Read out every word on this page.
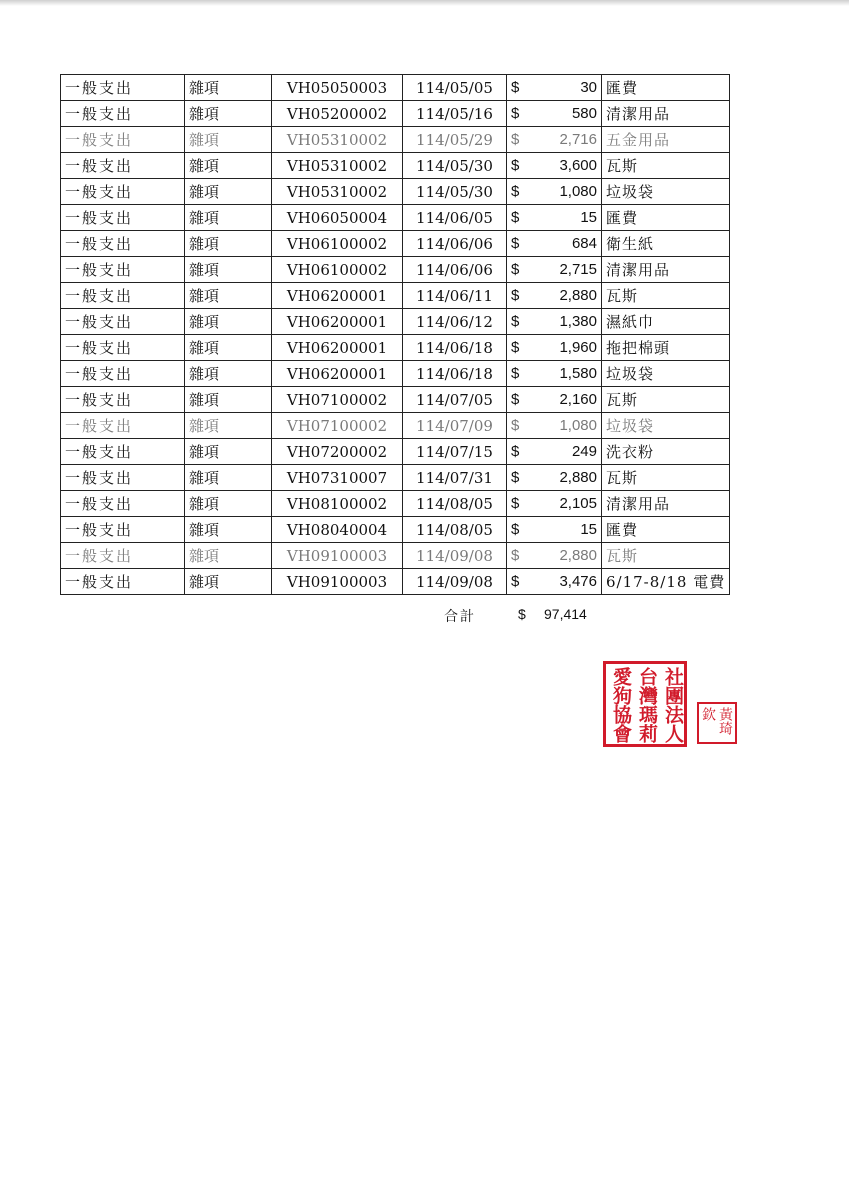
一般支出	雜項	VH05050003	114/05/05	$ 30	匯費
一般支出	雜項	VH05200002	114/05/16	$ 580	清潔用品
一般支出	雜項	VH05310002	114/05/29	$ 2,716	五金用品
一般支出	雜項	VH05310002	114/05/30	$ 3,600	瓦斯
一般支出	雜項	VH05310002	114/05/30	$ 1,080	垃圾袋
一般支出	雜項	VH06050004	114/06/05	$ 15	匯費
一般支出	雜項	VH06100002	114/06/06	$ 684	衛生紙
一般支出	雜項	VH06100002	114/06/06	$ 2,715	清潔用品
一般支出	雜項	VH06200001	114/06/11	$ 2,880	瓦斯
一般支出	雜項	VH06200001	114/06/12	$ 1,380	濕紙巾
一般支出	雜項	VH06200001	114/06/18	$ 1,960	拖把棉頭
一般支出	雜項	VH06200001	114/06/18	$ 1,580	垃圾袋
一般支出	雜項	VH07100002	114/07/05	$ 2,160	瓦斯
一般支出	雜項	VH07100002	114/07/09	$ 1,080	垃圾袋
一般支出	雜項	VH07200002	114/07/15	$ 249	洗衣粉
一般支出	雜項	VH07310007	114/07/31	$ 2,880	瓦斯
一般支出	雜項	VH08100002	114/08/05	$ 2,105	清潔用品
一般支出	雜項	VH08040004	114/08/05	$ 15	匯費
一般支出	雜項	VH09100003	114/09/08	$ 2,880	瓦斯
一般支出	雜項	VH09100003	114/09/08	$ 3,476	6/17-8/18 電費
合計	$ 97,414
社團法人
台灣瑪莉
愛狗協會	黃琦
欽
